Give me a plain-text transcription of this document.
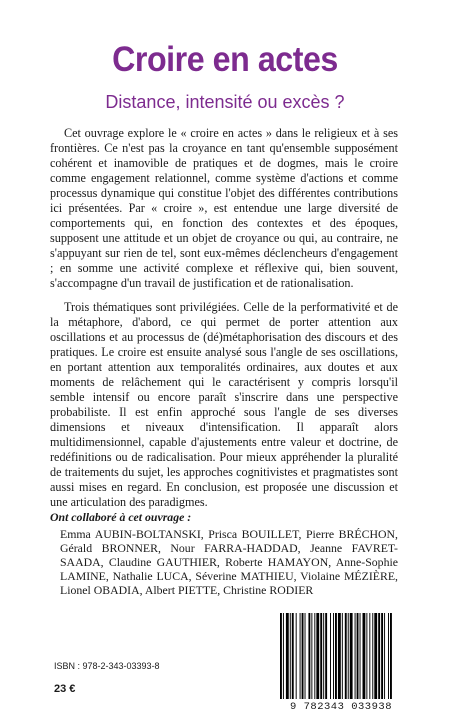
Croire en actes
Distance, intensité ou excès ?

Cet ouvrage explore le « croire en actes » dans le religieux et à ses frontières. Ce n'est pas la croyance en tant qu'ensemble supposément cohérent et inamovible de pratiques et de dogmes, mais le croire comme engagement relationnel, comme système d'actions et comme processus dynamique qui constitue l'objet des différentes contributions ici présentées. Par « croire », est entendue une large diversité de comportements qui, en fonction des contextes et des époques, supposent une attitude et un objet de croyance ou qui, au contraire, ne s'appuyant sur rien de tel, sont eux-mêmes déclencheurs d'engagement ; en somme une activité complexe et réflexive qui, bien souvent, s'accompagne d'un travail de justification et de rationalisation.

Trois thématiques sont privilégiées. Celle de la performativité et de la métaphore, d'abord, ce qui permet de porter attention aux oscillations et au processus de (dé)métaphorisation des discours et des pratiques. Le croire est ensuite analysé sous l'angle de ses oscillations, en portant attention aux temporalités ordinaires, aux doutes et aux moments de relâchement qui le caractérisent y compris lorsqu'il semble intensif ou encore paraît s'inscrire dans une perspective probabiliste. Il est enfin approché sous l'angle de ses diverses dimensions et niveaux d'intensification. Il apparaît alors multidimensionnel, capable d'ajustements entre valeur et doctrine, de redéfinitions ou de radicalisation. Pour mieux appréhender la pluralité de traitements du sujet, les approches cognitivistes et pragmatistes sont aussi mises en regard. En conclusion, est proposée une discussion et une articulation des paradigmes.

Ont collaboré à cet ouvrage :
Emma AUBIN-BOLTANSKI, Prisca BOUILLET, Pierre BRÉCHON, Gérald BRONNER, Nour FARRA-HADDAD, Jeanne FAVRET-SAADA, Claudine GAUTHIER, Roberte HAMAYON, Anne-Sophie LAMINE, Nathalie LUCA, Séverine MATHIEU, Violaine MÉZIÈRE, Lionel OBADIA, Albert PIETTE, Christine RODIER
ISBN : 978-2-343-03393-8
23 €
9 782343 033938
